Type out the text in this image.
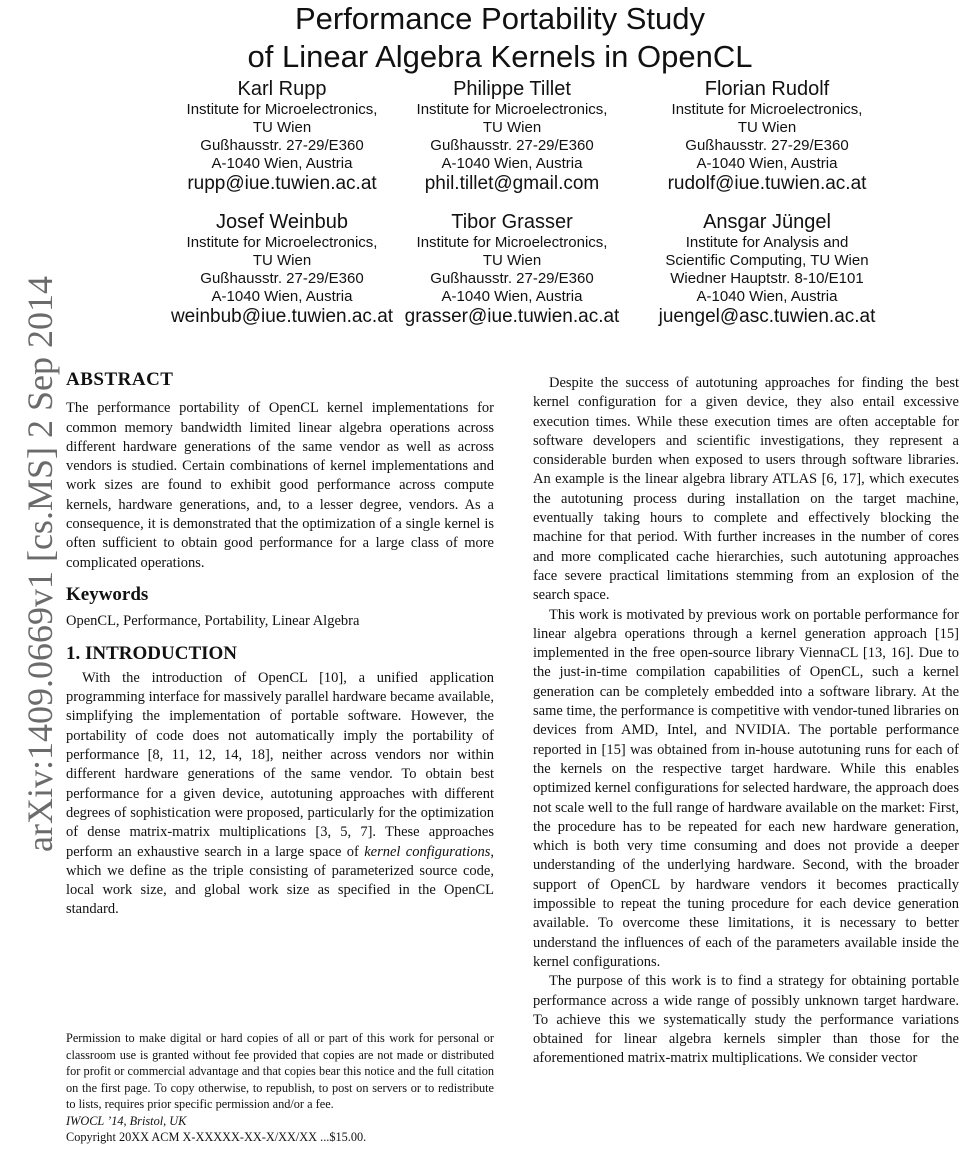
Performance Portability Study
of Linear Algebra Kernels in OpenCL
Karl Rupp
Institute for Microelectronics,
TU Wien
Gußhausstr. 27-29/E360
A-1040 Wien, Austria
rupp@iue.tuwien.ac.at
Philippe Tillet
Institute for Microelectronics,
TU Wien
Gußhausstr. 27-29/E360
A-1040 Wien, Austria
phil.tillet@gmail.com
Florian Rudolf
Institute for Microelectronics,
TU Wien
Gußhausstr. 27-29/E360
A-1040 Wien, Austria
rudolf@iue.tuwien.ac.at
Josef Weinbub
Institute for Microelectronics,
TU Wien
Gußhausstr. 27-29/E360
A-1040 Wien, Austria
weinbub@iue.tuwien.ac.at
Tibor Grasser
Institute for Microelectronics,
TU Wien
Gußhausstr. 27-29/E360
A-1040 Wien, Austria
grasser@iue.tuwien.ac.at
Ansgar Jüngel
Institute for Analysis and
Scientific Computing, TU Wien
Wiedner Hauptstr. 8-10/E101
A-1040 Wien, Austria
juengel@asc.tuwien.ac.at
arXiv:1409.0669v1 [cs.MS] 2 Sep 2014 ABSTRACT

The performance portability of OpenCL kernel implementations for common memory bandwidth limited linear algebra operations across different hardware generations of the same vendor as well as across vendors is studied. Certain combinations of kernel implementations and work sizes are found to exhibit good performance across compute kernels, hardware generations, and, to a lesser degree, vendors. As a consequence, it is demonstrated that the optimization of a single kernel is often sufficient to obtain good performance for a large class of more complicated operations.

Keywords

OpenCL, Performance, Portability, Linear Algebra

1. INTRODUCTION

With the introduction of OpenCL [10], a unified application programming interface for massively parallel hardware became available, simplifying the implementation of portable software. However, the portability of code does not automatically imply the portability of performance [8, 11, 12, 14, 18], neither across vendors nor within different hardware generations of the same vendor. To obtain best performance for a given device, autotuning approaches with different degrees of sophistication were proposed, particularly for the optimization of dense matrix-matrix multiplications [3, 5, 7]. These approaches perform an exhaustive search in a large space of kernel configurations, which we define as the triple consisting of parameterized source code, local work size, and global work size as specified in the OpenCL standard.

Permission to make digital or hard copies of all or part of this work for personal or classroom use is granted without fee provided that copies are not made or distributed for profit or commercial advantage and that copies bear this notice and the full citation on the first page. To copy otherwise, to republish, to post on servers or to redistribute to lists, requires prior specific permission and/or a fee.

IWOCL ’14, Bristol, UK

Copyright 20XX ACM X-XXXXX-XX-X/XX/XX ...$15.00.

Despite the success of autotuning approaches for finding the best kernel configuration for a given device, they also entail excessive execution times. While these execution times are often acceptable for software developers and scientific investigations, they represent a considerable burden when exposed to users through software libraries. An example is the linear algebra library ATLAS [6, 17], which executes the autotuning process during installation on the target machine, eventually taking hours to complete and effectively blocking the machine for that period. With further increases in the number of cores and more complicated cache hierarchies, such autotuning approaches face severe practical limitations stemming from an explosion of the search space.

This work is motivated by previous work on portable performance for linear algebra operations through a kernel generation approach [15] implemented in the free open-source library ViennaCL [13, 16]. Due to the just-in-time compilation capabilities of OpenCL, such a kernel generation can be completely embedded into a software library. At the same time, the performance is competitive with vendor-tuned libraries on devices from AMD, Intel, and NVIDIA. The portable performance reported in [15] was obtained from in-house autotuning runs for each of the kernels on the respective target hardware. While this enables optimized kernel configurations for selected hardware, the approach does not scale well to the full range of hardware available on the market: First, the procedure has to be repeated for each new hardware generation, which is both very time consuming and does not provide a deeper understanding of the underlying hardware. Second, with the broader support of OpenCL by hardware vendors it becomes practically impossible to repeat the tuning procedure for each device generation available. To overcome these limitations, it is necessary to better understand the influences of each of the parameters available inside the kernel configurations.

The purpose of this work is to find a strategy for obtaining portable performance across a wide range of possibly unknown target hardware. To achieve this we systematically study the performance variations obtained for linear algebra kernels simpler than those for the aforementioned matrix-matrix multiplications. We consider vector
